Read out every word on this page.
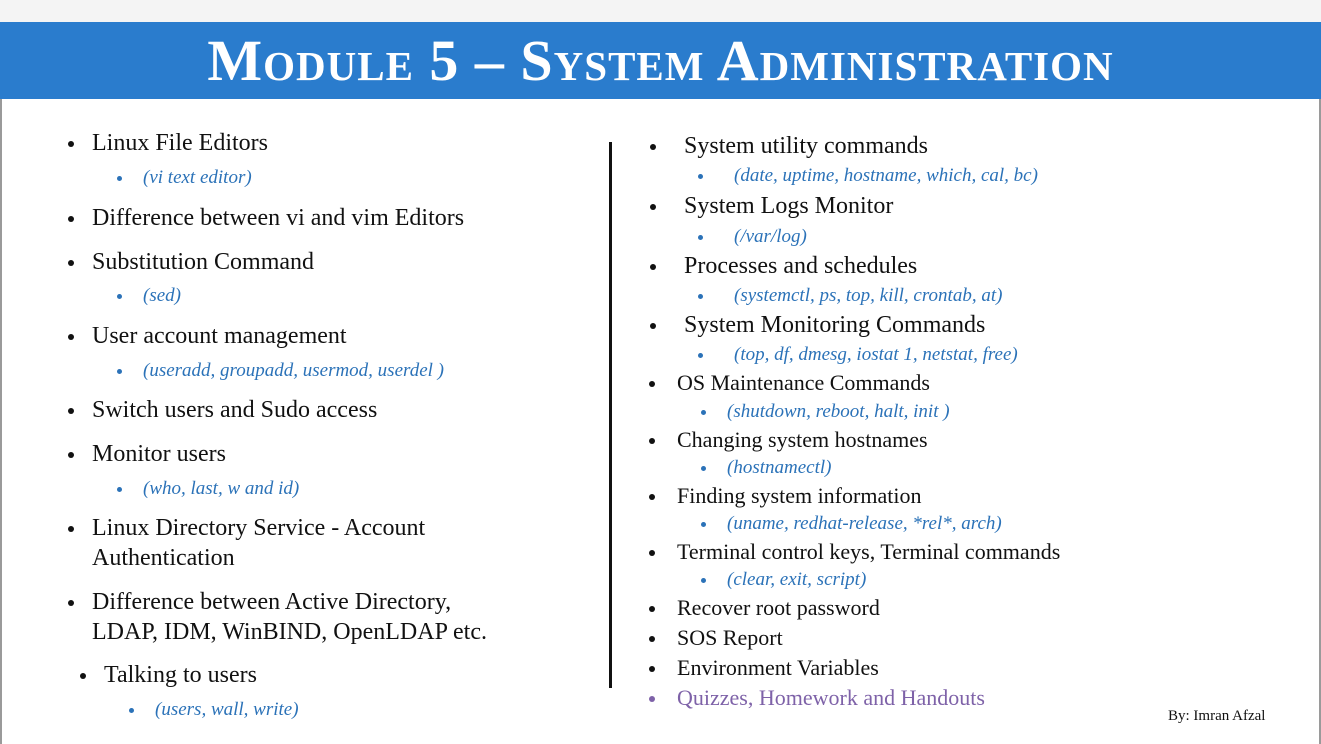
Module 5 – System Administration
Linux File Editors
(vi text editor)
Difference between vi and vim Editors
Substitution Command
(sed)
User account management
(useradd, groupadd, usermod, userdel )
Switch users and Sudo access
Monitor users
(who, last, w and id)
Linux Directory Service - Account
Authentication
Difference between Active Directory,
LDAP, IDM, WinBIND, OpenLDAP etc.
Talking to users
(users, wall, write)
System utility commands
(date, uptime, hostname, which, cal, bc)
System Logs Monitor
(/var/log)
Processes and schedules
(systemctl, ps, top, kill, crontab, at)
System Monitoring Commands
(top, df, dmesg, iostat 1, netstat, free)
OS Maintenance Commands
(shutdown, reboot, halt, init )
Changing system hostnames
(hostnamectl)
Finding system information
(uname, redhat-release, *rel*, arch)
Terminal control keys, Terminal commands
(clear, exit, script)
Recover root password
SOS Report
Environment Variables
Quizzes, Homework and Handouts
By: Imran Afzal
